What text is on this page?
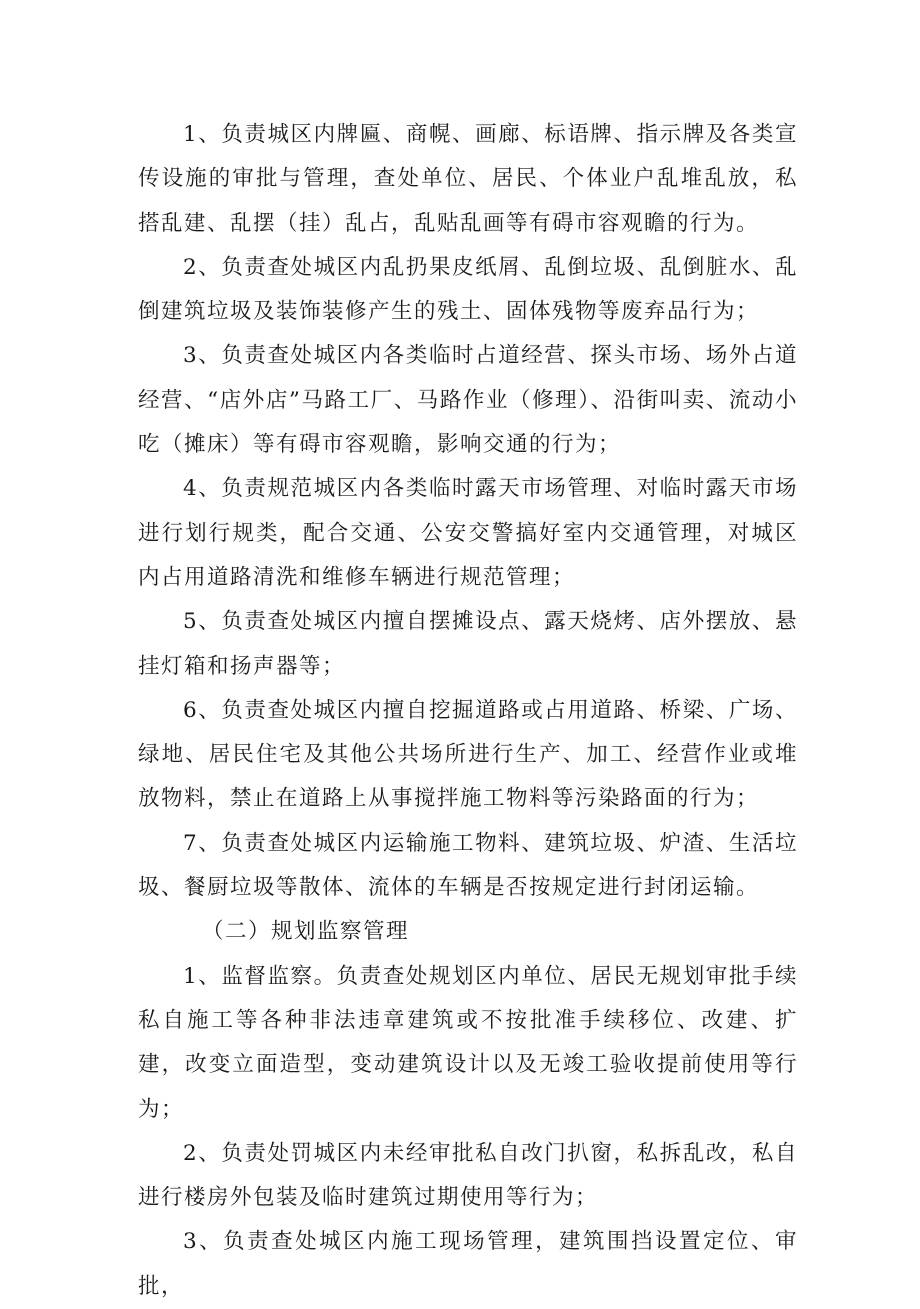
1、负责城区内牌匾、商幌、画廊、标语牌、指示牌及各类宣传设施的审批与管理，查处单位、居民、个体业户乱堆乱放，私搭乱建、乱摆（挂）乱占，乱贴乱画等有碍市容观瞻的行为。

2、负责查处城区内乱扔果皮纸屑、乱倒垃圾、乱倒脏水、乱倒建筑垃圾及装饰装修产生的残土、固体残物等废弃品行为；

3、负责查处城区内各类临时占道经营、探头市场、场外占道经营、“店外店”马路工厂、马路作业（修理）、沿街叫卖、流动小吃（摊床）等有碍市容观瞻，影响交通的行为；

4、负责规范城区内各类临时露天市场管理、对临时露天市场进行划行规类，配合交通、公安交警搞好室内交通管理，对城区内占用道路清洗和维修车辆进行规范管理；

5、负责查处城区内擅自摆摊设点、露天烧烤、店外摆放、悬挂灯箱和扬声器等；

6、负责查处城区内擅自挖掘道路或占用道路、桥梁、广场、绿地、居民住宅及其他公共场所进行生产、加工、经营作业或堆放物料，禁止在道路上从事搅拌施工物料等污染路面的行为；

7、负责查处城区内运输施工物料、建筑垃圾、炉渣、生活垃圾、餐厨垃圾等散体、流体的车辆是否按规定进行封闭运输。

（二）规划监察管理

1、监督监察。负责查处规划区内单位、居民无规划审批手续私自施工等各种非法违章建筑或不按批准手续移位、改建、扩建，改变立面造型，变动建筑设计以及无竣工验收提前使用等行为；

2、负责处罚城区内未经审批私自改门扒窗，私拆乱改，私自进行楼房外包装及临时建筑过期使用等行为；

3、负责查处城区内施工现场管理，建筑围挡设置定位、审批，
